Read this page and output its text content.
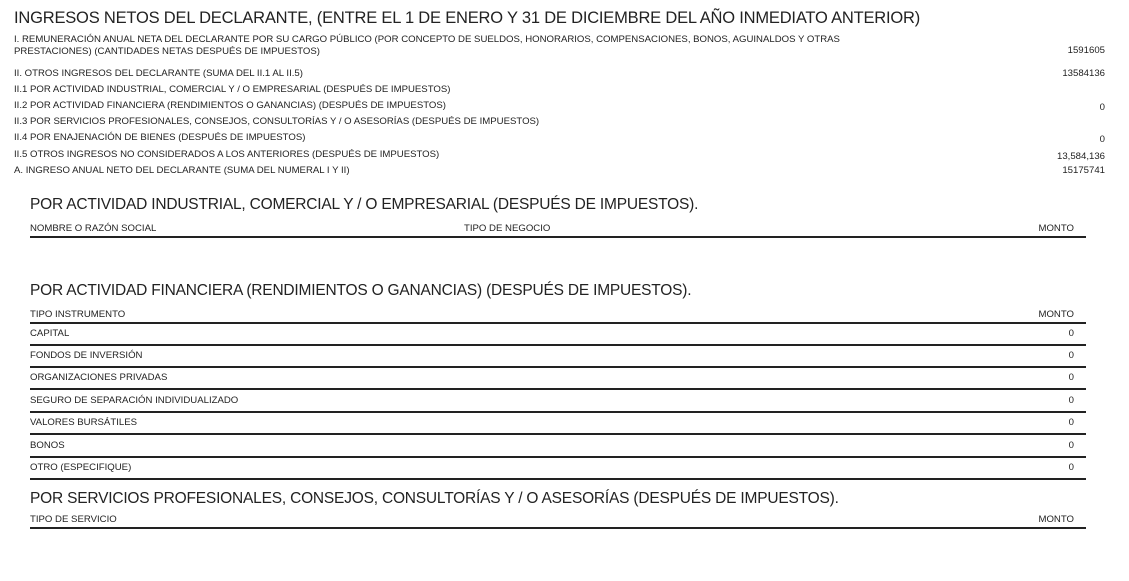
INGRESOS NETOS DEL DECLARANTE, (ENTRE EL 1 DE ENERO Y 31 DE DICIEMBRE DEL AÑO INMEDIATO ANTERIOR)
I. REMUNERACIÓN ANUAL NETA DEL DECLARANTE POR SU CARGO PÚBLICO (POR CONCEPTO DE SUELDOS, HONORARIOS, COMPENSACIONES, BONOS, AGUINALDOS Y OTRAS PRESTACIONES) (CANTIDADES NETAS DESPUÉS DE IMPUESTOS)	1591605
II. OTROS INGRESOS DEL DECLARANTE (SUMA DEL II.1 AL II.5)	13584136
II.1 POR ACTIVIDAD INDUSTRIAL, COMERCIAL Y / O EMPRESARIAL (DESPUÉS DE IMPUESTOS)
II.2 POR ACTIVIDAD FINANCIERA (RENDIMIENTOS O GANANCIAS) (DESPUÉS DE IMPUESTOS)	0
II.3 POR SERVICIOS PROFESIONALES, CONSEJOS, CONSULTORÍAS Y / O ASESORÍAS (DESPUÉS DE IMPUESTOS)
II.4 POR ENAJENACIÓN DE BIENES (DESPUÉS DE IMPUESTOS)	0
II.5 OTROS INGRESOS NO CONSIDERADOS A LOS ANTERIORES (DESPUÉS DE IMPUESTOS)	13,584,136
A. INGRESO ANUAL NETO DEL DECLARANTE (SUMA DEL NUMERAL I Y II)	15175741
POR ACTIVIDAD INDUSTRIAL, COMERCIAL Y / O EMPRESARIAL (DESPUÉS DE IMPUESTOS).
NOMBRE O RAZÓN SOCIAL	TIPO DE NEGOCIO	MONTO
POR ACTIVIDAD FINANCIERA (RENDIMIENTOS O GANANCIAS) (DESPUÉS DE IMPUESTOS).
TIPO INSTRUMENTO	MONTO
CAPITAL	0
FONDOS DE INVERSIÓN	0
ORGANIZACIONES PRIVADAS	0
SEGURO DE SEPARACIÓN INDIVIDUALIZADO	0
VALORES BURSÁTILES	0
BONOS	0
OTRO (ESPECIFIQUE)	0
POR SERVICIOS PROFESIONALES, CONSEJOS, CONSULTORÍAS Y / O ASESORÍAS (DESPUÉS DE IMPUESTOS).
TIPO DE SERVICIO	MONTO
